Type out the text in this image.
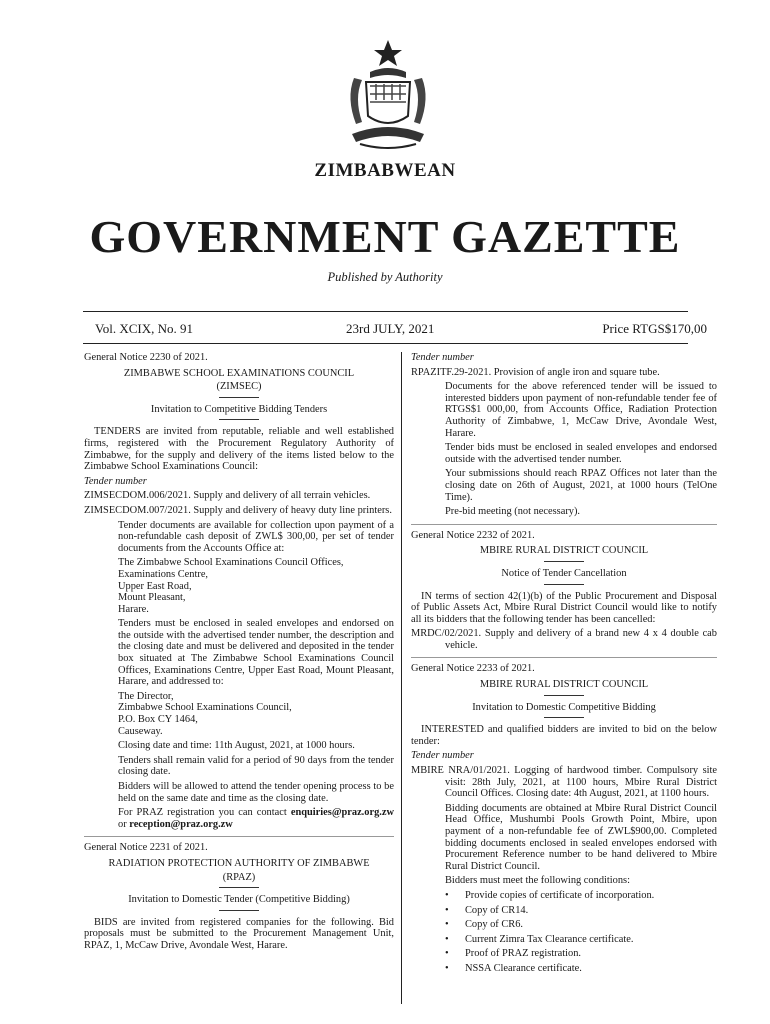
ZIMBABWEAN
GOVERNMENT GAZETTE
Published by Authority
Vol. XCIX, No. 91	23rd JULY, 2021	Price RTGS$170,00
General Notice 2230 of 2021.
ZIMBABWE SCHOOL EXAMINATIONS COUNCIL
(ZIMSEC)
Invitation to Competitive Bidding Tenders
TENDERS are invited from reputable, reliable and well established firms, registered with the Procurement Regulatory Authority of Zimbabwe, for the supply and delivery of the items listed below to the Zimbabwe School Examinations Council:
Tender number
ZIMSECDOM.006/2021. Supply and delivery of all terrain vehicles.
ZIMSECDOM.007/2021. Supply and delivery of heavy duty line printers.
Tender documents are available for collection upon payment of a non-refundable cash deposit of ZWL$ 300,00, per set of tender documents from the Accounts Office at:
The Zimbabwe School Examinations Council Offices,
Examinations Centre,
Upper East Road,
Mount Pleasant,
Harare.
Tenders must be enclosed in sealed envelopes and endorsed on the outside with the advertised tender number, the description and the closing date and must be delivered and deposited in the tender box situated at The Zimbabwe School Examinations Council Offices, Examinations Centre, Upper East Road, Mount Pleasant, Harare, and addressed to:
The Director,
Zimbabwe School Examinations Council,
P.O. Box CY 1464,
Causeway.
Closing date and time: 11th August, 2021, at 1000 hours.
Tenders shall remain valid for a period of 90 days from the tender closing date.
Bidders will be allowed to attend the tender opening process to be held on the same date and time as the closing date.
For PRAZ registration you can contact enquiries@praz.org.zw or reception@praz.org.zw
General Notice 2231 of 2021.
RADIATION PROTECTION AUTHORITY OF ZIMBABWE
(RPAZ)
Invitation to Domestic Tender (Competitive Bidding)
BIDS are invited from registered companies for the following. Bid proposals must be submitted to the Procurement Management Unit, RPAZ, 1, McCaw Drive, Avondale West, Harare.
Tender number
RPAZITF.29-2021. Provision of angle iron and square tube.
Documents for the above referenced tender will be issued to interested bidders upon payment of non-refundable tender fee of RTGS$1 000,00, from Accounts Office, Radiation Protection Authority of Zimbabwe, 1, McCaw Drive, Avondale West, Harare.
Tender bids must be enclosed in sealed envelopes and endorsed outside with the advertised tender number.
Your submissions should reach RPAZ Offices not later than the closing date on 26th of August, 2021, at 1000 hours (TelOne Time).
Pre-bid meeting (not necessary).
General Notice 2232 of 2021.
MBIRE RURAL DISTRICT COUNCIL
Notice of Tender Cancellation
IN terms of section 42(1)(b) of the Public Procurement and Disposal of Public Assets Act, Mbire Rural District Council would like to notify all its bidders that the following tender has been cancelled:
MRDC/02/2021. Supply and delivery of a brand new 4 x 4 double cab vehicle.
General Notice 2233 of 2021.
MBIRE RURAL DISTRICT COUNCIL
Invitation to Domestic Competitive Bidding
INTERESTED and qualified bidders are invited to bid on the below tender:
Tender number
MBIRE NRA/01/2021. Logging of hardwood timber. Compulsory site visit: 28th July, 2021, at 1100 hours, Mbire Rural District Council Offices. Closing date: 4th August, 2021, at 1100 hours.
Bidding documents are obtained at Mbire Rural District Council Head Office, Mushumbi Pools Growth Point, Mbire, upon payment of a non-refundable fee of ZWL$900,00. Completed bidding documents enclosed in sealed envelopes endorsed with Procurement Reference number to be hand delivered to Mbire Rural District Council.
Bidders must meet the following conditions:
• Provide copies of certificate of incorporation.
• Copy of CR14.
• Copy of CR6.
• Current Zimra Tax Clearance certificate.
• Proof of PRAZ registration.
• NSSA Clearance certificate.
